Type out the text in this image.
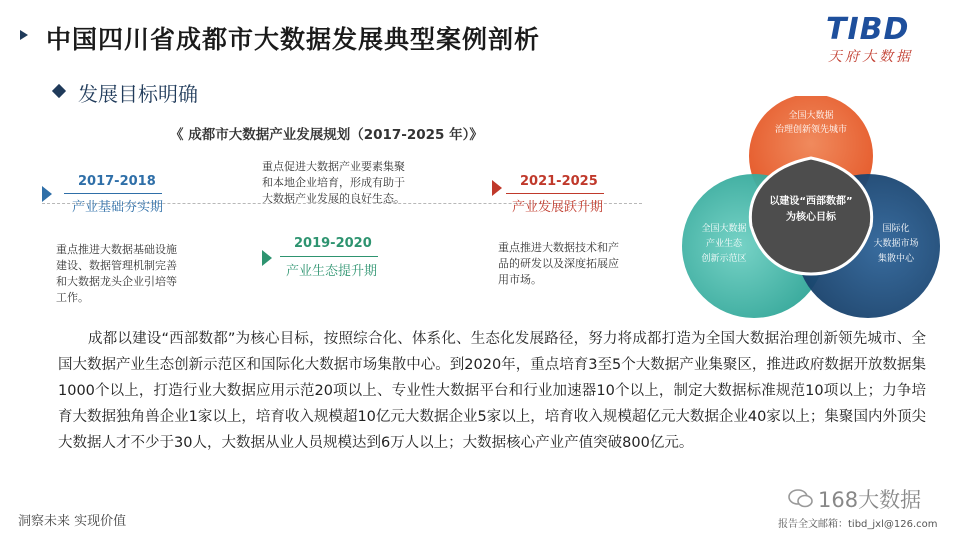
中国四川省成都市大数据发展典型案例剖析	TIBD
天府大数据
发展目标明确
《 成都市大数据产业发展规划（2017-2025 年）》
2017-2018
产业基础夯实期
重点推进大数据基础设施建设、数据管理机制完善和大数据龙头企业引培等工作。
2019-2020
产业生态提升期
重点促进大数据产业要素集聚和本地企业培育，形成有助于大数据产业发展的良好生态。
2021-2025
产业发展跃升期
重点推进大数据技术和产品的研发以及深度拓展应用市场。
全国大数据
治理创新领先城市
全国大数据
产业生态
创新示范区
国际化
大数据市场
集散中心
以建设“西部数都”
为核心目标
成都以建设“西部数都”为核心目标，按照综合化、体系化、生态化发展路径，努力将成都打造为全国大数据治理创新领先城市、全国大数据产业生态创新示范区和国际化大数据市场集散中心。到2020年，重点培育3至5个大数据产业集聚区，推进政府数据开放数据集1000个以上，打造行业大数据应用示范20项以上、专业性大数据平台和行业加速器10个以上，制定大数据标准规范10项以上；力争培育大数据独角兽企业1家以上，培育收入规模超10亿元大数据企业5家以上，培育收入规模超亿元大数据企业40家以上；集聚国内外顶尖大数据人才不少于30人，大数据从业人员规模达到6万人以上；大数据核心产业产值突破800亿元。
洞察未来 实现价值
168大数据
报告全文邮箱：tibd_jxl@126.com
